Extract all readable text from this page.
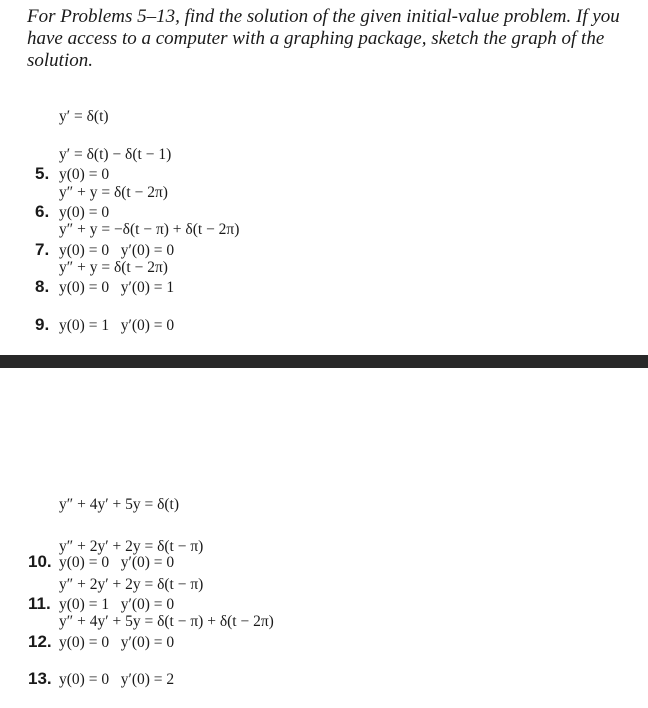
For Problems 5–13, find the solution of the given initial-value problem. If you have access to a computer with a graphing package, sketch the graph of the solution.

y′ = δ(t)

5. y(0) = 0

y′ = δ(t) − δ(t − 1)

6. y(0) = 0

y″ + y = δ(t − 2π)

7. y(0) = 0   y′(0) = 0

y″ + y = −δ(t − π) + δ(t − 2π)

8. y(0) = 0   y′(0) = 1

y″ + y = δ(t − 2π)

9. y(0) = 1   y′(0) = 0

y″ + 4y′ + 5y = δ(t)

10. y(0) = 0   y′(0) = 0

y″ + 2y′ + 2y = δ(t − π)

11. y(0) = 1   y′(0) = 0

y″ + 2y′ + 2y = δ(t − π)

12. y(0) = 0   y′(0) = 0

y″ + 4y′ + 5y = δ(t − π) + δ(t − 2π)

13. y(0) = 0   y′(0) = 2
